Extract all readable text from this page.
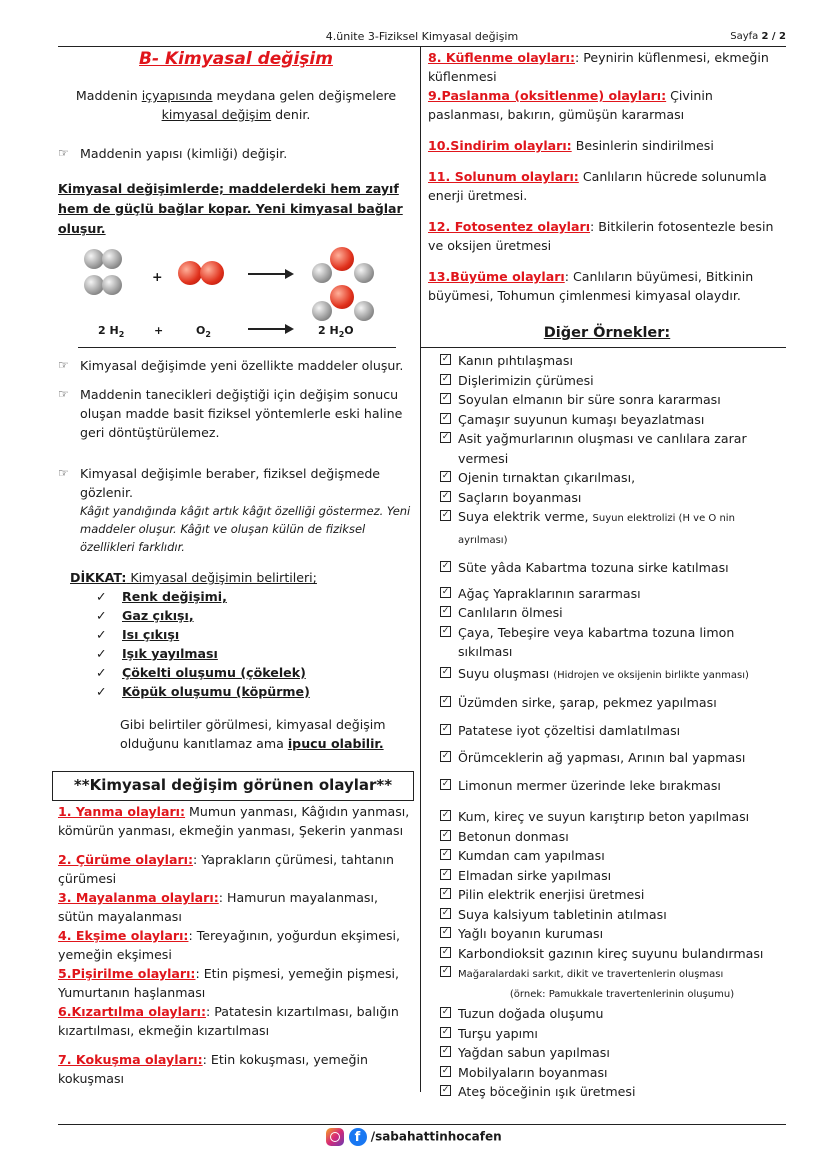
4.ünite 3-Fiziksel Kimyasal değişim	Sayfa 2 / 2
B- Kimyasal değişim
Maddenin içyapısında meydana gelen değişmelere
kimyasal değişim denir.
☞ Maddenin yapısı (kimliği) değişir.
Kimyasal değişimlerde; maddelerdeki hem zayıf hem de güçlü bağlar kopar. Yeni kimyasal bağlar oluşur.
+
2 $H_2$	+	$O_2$	2 $H_2O$
☞ Kimyasal değişimde yeni özellikte maddeler oluşur.
☞ Maddenin tanecikleri değiştiği için değişim sonucu oluşan madde basit fiziksel yöntemlerle eski haline geri döntüştürülemez.
☞ Kimyasal değişimle beraber, fiziksel değişmede gözlenir.
Kâğıt yandığında kâğıt artık kâğıt özelliği göstermez. Yeni maddeler oluşur. Kâğıt ve oluşan külün de fiziksel özellikleri farklıdır.
DİKKAT: Kimyasal değişimin belirtileri;
✓ Renk değişimi,
✓ Gaz çıkışı,
✓ Isı çıkışı
✓ Işık yayılması
✓ Çökelti oluşumu (çökelek)
✓ Köpük oluşumu (köpürme)
Gibi belirtiler görülmesi, kimyasal değişim olduğunu kanıtlamaz ama ipucu olabilir.
**Kimyasal değişim görünen olaylar**
1. Yanma olayları: Mumun yanması, Kâğıdın yanması, kömürün yanması, ekmeğin yanması, Şekerin yanması
2. Çürüme olayları:: Yaprakların çürümesi, tahtanın çürümesi
3. Mayalanma olayları:: Hamurun mayalanması, sütün mayalanması
4. Ekşime olayları:: Tereyağının, yoğurdun ekşimesi, yemeğin ekşimesi
5.Pişirilme olayları:: Etin pişmesi, yemeğin pişmesi, Yumurtanın haşlanması
6.Kızartılma olayları:: Patatesin kızartılması, balığın kızartılması, ekmeğin kızartılması
7. Kokuşma olayları:: Etin kokuşması, yemeğin kokuşması
8. Küflenme olayları:: Peynirin küflenmesi, ekmeğin küflenmesi
9.Paslanma (oksitlenme) olayları: Çivinin paslanması, bakırın, gümüşün kararması
10.Sindirim olayları: Besinlerin sindirilmesi
11. Solunum olayları: Canlıların hücrede solunumla enerji üretmesi.
12. Fotosentez olayları: Bitkilerin fotosentezle besin ve oksijen üretmesi
13.Büyüme olayları: Canlıların büyümesi, Bitkinin büyümesi, Tohumun çimlenmesi kimyasal olaydır.
Diğer Örnekler:
✓ Kanın pıhtılaşması
✓ Dişlerimizin çürümesi
✓ Soyulan elmanın bir süre sonra kararması
✓ Çamaşır suyunun kumaşı beyazlatması
✓ Asit yağmurlarının oluşması ve canlılara zarar vermesi
✓ Ojenin tırnaktan çıkarılması,
✓ Saçların boyanması
✓ Suya elektrik verme, Suyun elektrolizi (H ve O nin ayrılması)
✓ Süte yâda Kabartma tozuna sirke katılması
✓ Ağaç Yapraklarının sararması
✓ Canlıların ölmesi
✓ Çaya, Tebeşire veya kabartma tozuna limon sıkılması
✓ Suyu oluşması (Hidrojen ve oksijenin birlikte yanması)
✓ Üzümden sirke, şarap, pekmez yapılması
✓ Patatese iyot çözeltisi damlatılması
✓ Örümceklerin ağ yapması, Arının bal yapması
✓ Limonun mermer üzerinde leke bırakması
✓ Kum, kireç ve suyun karıştırıp beton yapılması
✓ Betonun donması
✓ Kumdan cam yapılması
✓ Elmadan sirke yapılması
✓ Pilin elektrik enerjisi üretmesi
✓ Suya kalsiyum tabletinin atılması
✓ Yağlı boyanın kuruması
✓ Karbondioksit gazının kireç suyunu bulandırması
✓ Mağaralardaki sarkıt, dikit ve travertenlerin oluşması
(örnek: Pamukkale travertenlerinin oluşumu)
✓ Tuzun doğada oluşumu
✓ Turşu yapımı
✓ Yağdan sabun yapılması
✓ Mobilyaların boyanması
✓ Ateş böceğinin ışık üretmesi
f /sabahattinhocafen
